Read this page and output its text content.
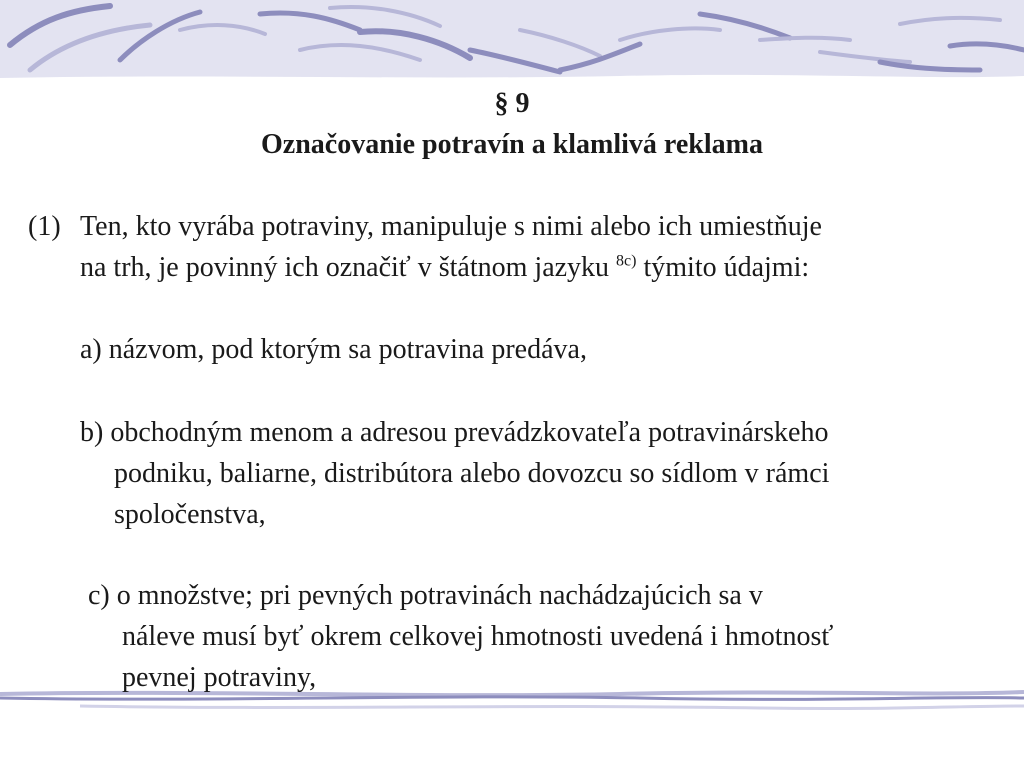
§ 9
Označovanie potravín a klamlivá reklama
(1) Ten, kto vyrába potraviny, manipuluje s nimi alebo ich umiestňuje
na trh, je povinný ich označiť v štátnom jazyku $^{8c)}$ týmito údajmi:
a) názvom, pod ktorým sa potravina predáva,
b) obchodným menom a adresou prevádzkovateľa potravinárskeho
podniku, baliarne, distribútora alebo dovozcu so sídlom v rámci
spoločenstva,
c) o množstve; pri pevných potravinách nachádzajúcich sa v
náleve musí byť okrem celkovej hmotnosti uvedená i hmotnosť
pevnej potraviny,
